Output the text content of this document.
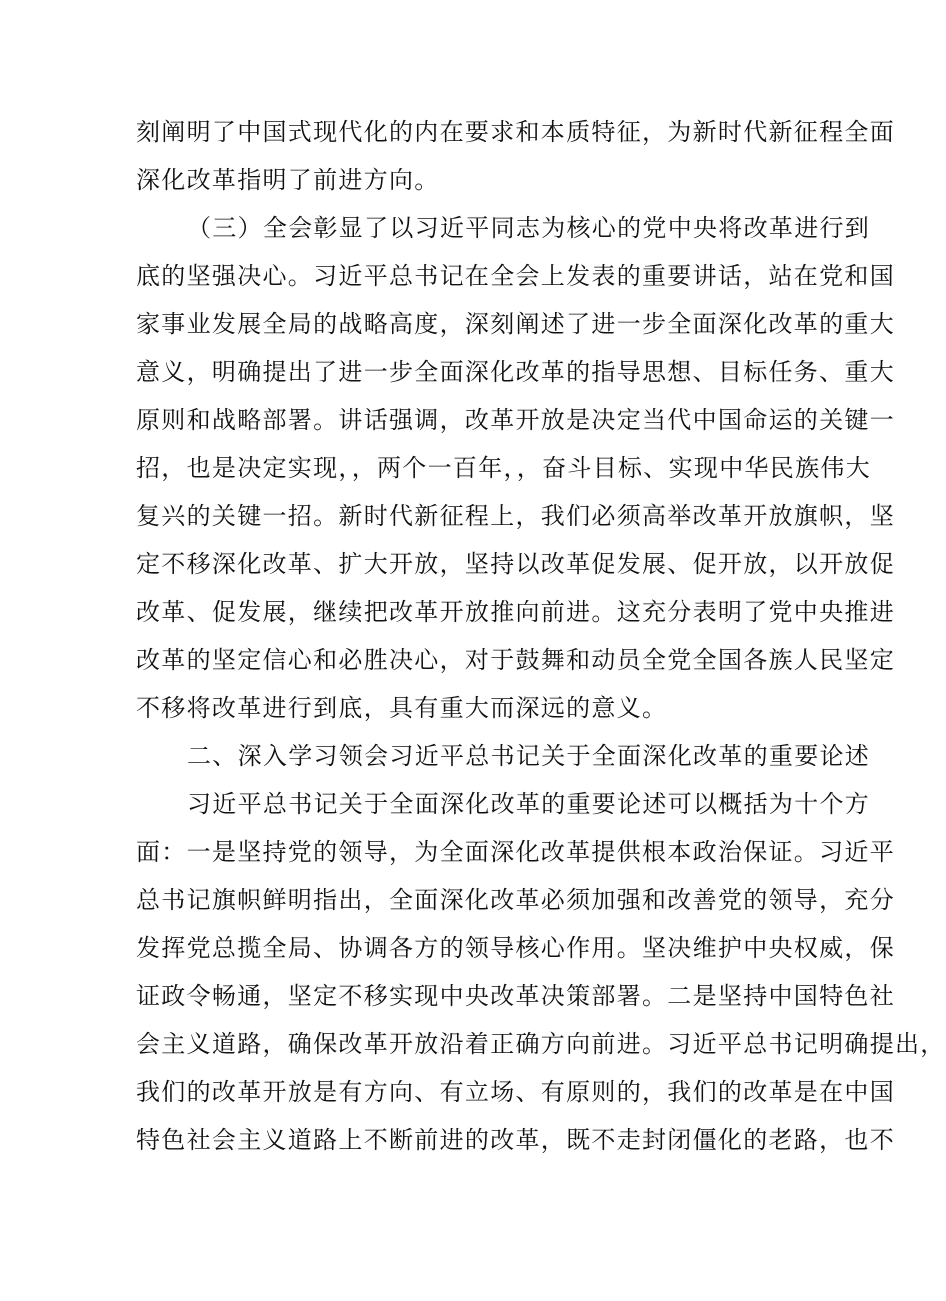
刻阐明了中国式现代化的内在要求和本质特征，为新时代新征程全面
深化改革指明了前进方向。
（三）全会彰显了以习近平同志为核心的党中央将改革进行到
底的坚强决心。习近平总书记在全会上发表的重要讲话，站在党和国
家事业发展全局的战略高度，深刻阐述了进一步全面深化改革的重大
意义，明确提出了进一步全面深化改革的指导思想、目标任务、重大
原则和战略部署。讲话强调，改革开放是决定当代中国命运的关键一
招，也是决定实现，，两个一百年，，奋斗目标、实现中华民族伟大
复兴的关键一招。新时代新征程上，我们必须高举改革开放旗帜，坚
定不移深化改革、扩大开放，坚持以改革促发展、促开放，以开放促
改革、促发展，继续把改革开放推向前进。这充分表明了党中央推进
改革的坚定信心和必胜决心，对于鼓舞和动员全党全国各族人民坚定
不移将改革进行到底，具有重大而深远的意义。
二、深入学习领会习近平总书记关于全面深化改革的重要论述
习近平总书记关于全面深化改革的重要论述可以概括为十个方
面：一是坚持党的领导，为全面深化改革提供根本政治保证。习近平
总书记旗帜鲜明指出，全面深化改革必须加强和改善党的领导，充分
发挥党总揽全局、协调各方的领导核心作用。坚决维护中央权威，保
证政令畅通，坚定不移实现中央改革决策部署。二是坚持中国特色社
会主义道路，确保改革开放沿着正确方向前进。习近平总书记明确提出，
我们的改革开放是有方向、有立场、有原则的，我们的改革是在中国
特色社会主义道路上不断前进的改革，既不走封闭僵化的老路，也不
